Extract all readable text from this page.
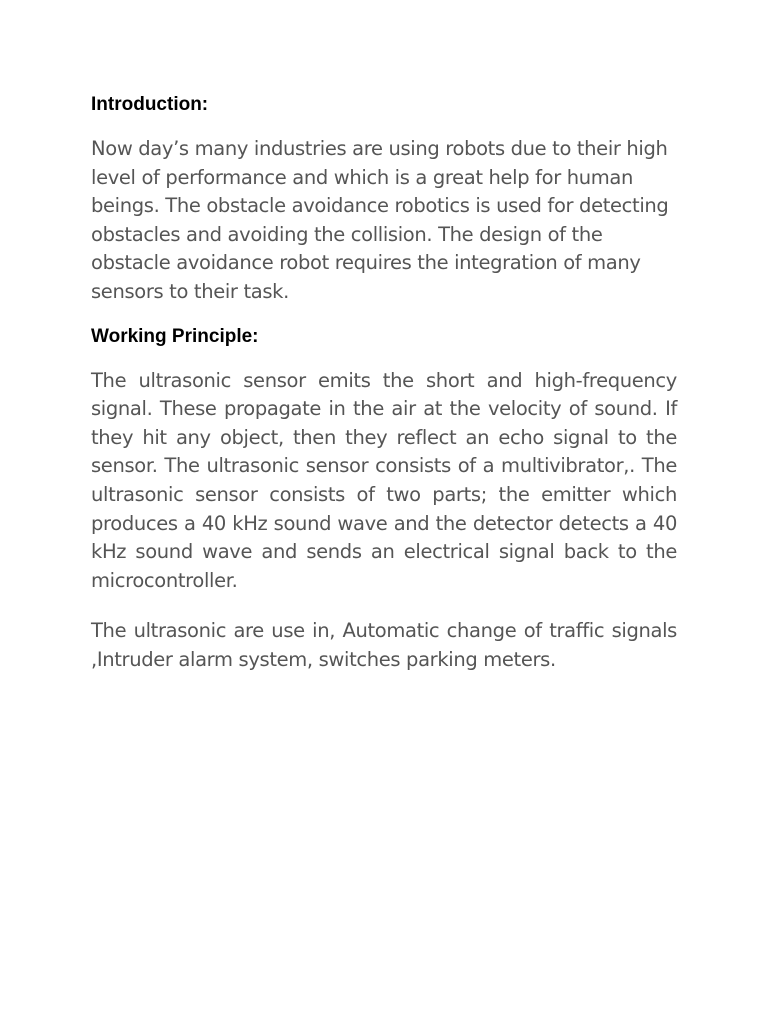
Introduction:

Now day’s many industries are using robots due to their high level of performance and which is a great help for human beings. The obstacle avoidance robotics is used for detecting obstacles and avoiding the collision. The design of the obstacle avoidance robot requires the integration of many sensors to their task.

Working Principle:

The ultrasonic sensor emits the short and high-frequency signal. These propagate in the air at the velocity of sound. If they hit any object, then they reflect an echo signal to the sensor. The ultrasonic sensor consists of a multivibrator,. The ultrasonic sensor consists of two parts; the emitter which produces a 40 kHz sound wave and the detector detects a 40 kHz sound wave and sends an electrical signal back to the microcontroller.

The ultrasonic are use in, Automatic change of traffic signals ,Intruder alarm system, switches parking meters.
